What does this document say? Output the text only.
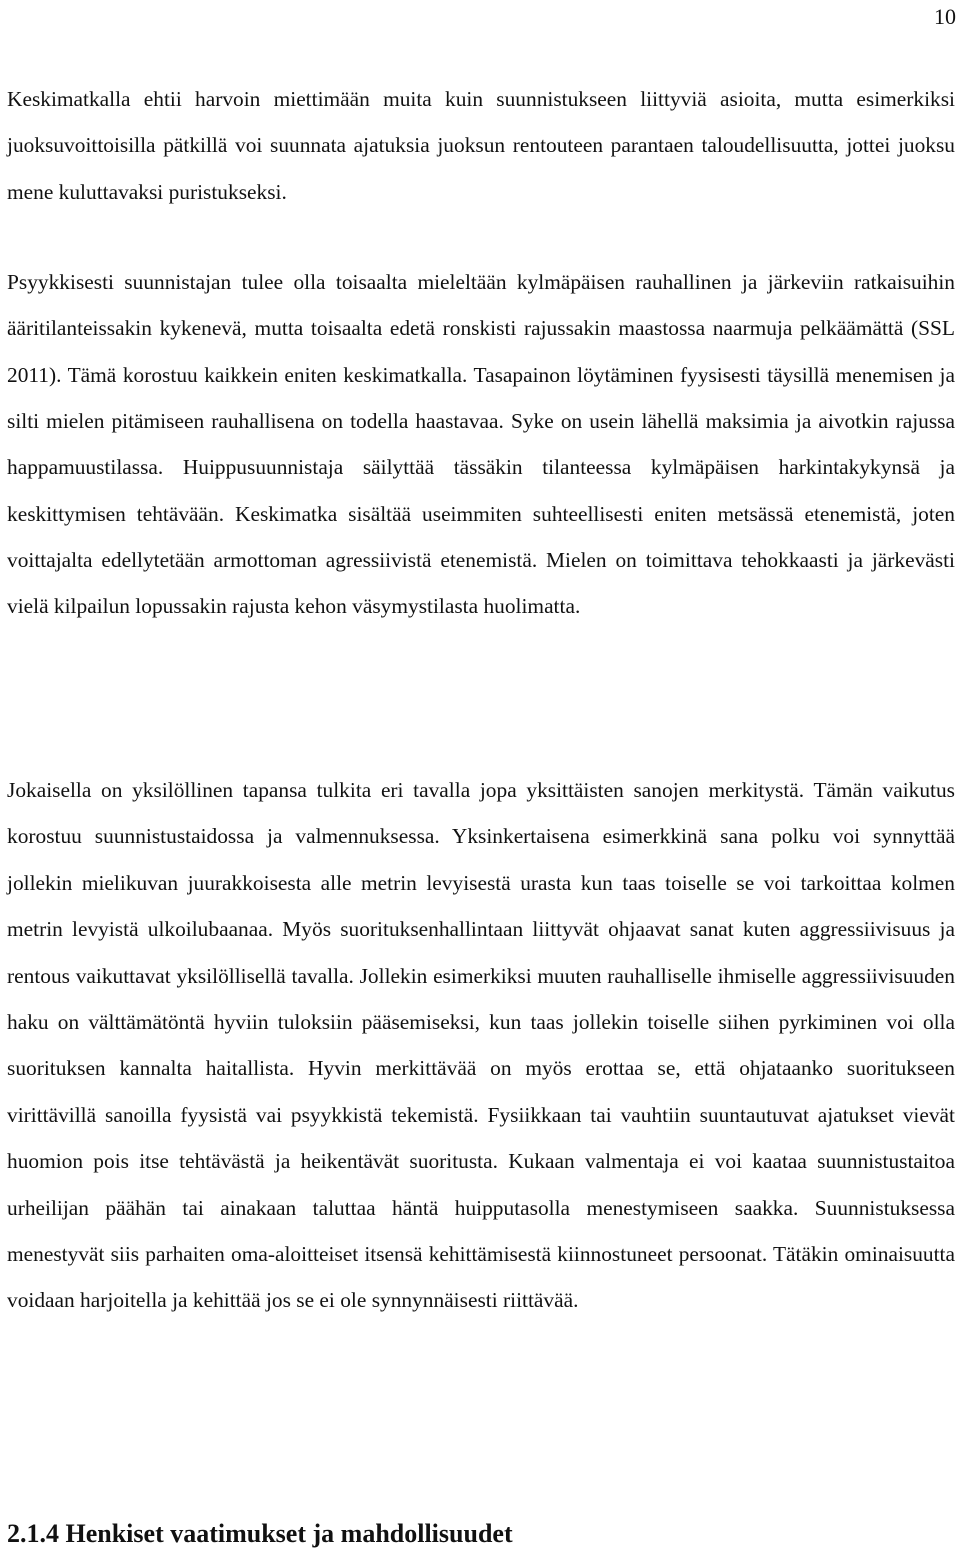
10

Keskimatkalla ehtii harvoin miettimään muita kuin suunnistukseen liittyviä asioita, mutta esimerkiksi juoksuvoittoisilla pätkillä voi suunnata ajatuksia juoksun rentouteen parantaen taloudellisuutta, jottei juoksu mene kuluttavaksi puristukseksi.

Psyykkisesti suunnistajan tulee olla toisaalta mieleltään kylmäpäisen rauhallinen ja järkeviin ratkaisuihin ääritilanteissakin kykenevä, mutta toisaalta edetä ronskisti rajussakin maastossa naarmuja pelkäämättä (SSL 2011). Tämä korostuu kaikkein eniten keskimatkalla. Tasapainon löytäminen fyysisesti täysillä menemisen ja silti mielen pitämiseen rauhallisena on todella haastavaa. Syke on usein lähellä maksimia ja aivotkin rajussa happamuustilassa. Huippusuunnistaja säilyttää tässäkin tilanteessa kylmäpäisen harkintakykynsä ja keskittymisen tehtävään. Keskimatka sisältää useimmiten suhteellisesti eniten metsässä etenemistä, joten voittajalta edellytetään armottoman agressiivistä etenemistä. Mielen on toimittava tehokkaasti ja järkevästi vielä kilpailun lopussakin rajusta kehon väsymystilasta huolimatta.

Jokaisella on yksilöllinen tapansa tulkita eri tavalla jopa yksittäisten sanojen merkitystä. Tämän vaikutus korostuu suunnistustaidossa ja valmennuksessa. Yksinkertaisena esimerkkinä sana polku voi synnyttää jollekin mielikuvan juurakkoisesta alle metrin levyisestä urasta kun taas toiselle se voi tarkoittaa kolmen metrin levyistä ulkoilubaanaa. Myös suorituksenhallintaan liittyvät ohjaavat sanat kuten aggressiivisuus ja rentous vaikuttavat yksilöllisellä tavalla. Jollekin esimerkiksi muuten rauhalliselle ihmiselle aggressiivisuuden haku on välttämätöntä hyviin tuloksiin pääsemiseksi, kun taas jollekin toiselle siihen pyrkiminen voi olla suorituksen kannalta haitallista. Hyvin merkittävää on myös erottaa se, että ohjataanko suoritukseen virittävillä sanoilla fyysistä vai psyykkistä tekemistä. Fysiikkaan tai vauhtiin suuntautuvat ajatukset vievät huomion pois itse tehtävästä ja heikentävät suoritusta. Kukaan valmentaja ei voi kaataa suunnistustaitoa urheilijan päähän tai ainakaan taluttaa häntä huipputasolla menestymiseen saakka. Suunnistuksessa menestyvät siis parhaiten oma-aloitteiset itsensä kehittämisestä kiinnostuneet persoonat. Tätäkin ominaisuutta voidaan harjoitella ja kehittää jos se ei ole synnynnäisesti riittävää.

2.1.4 Henkiset vaatimukset ja mahdollisuudet
